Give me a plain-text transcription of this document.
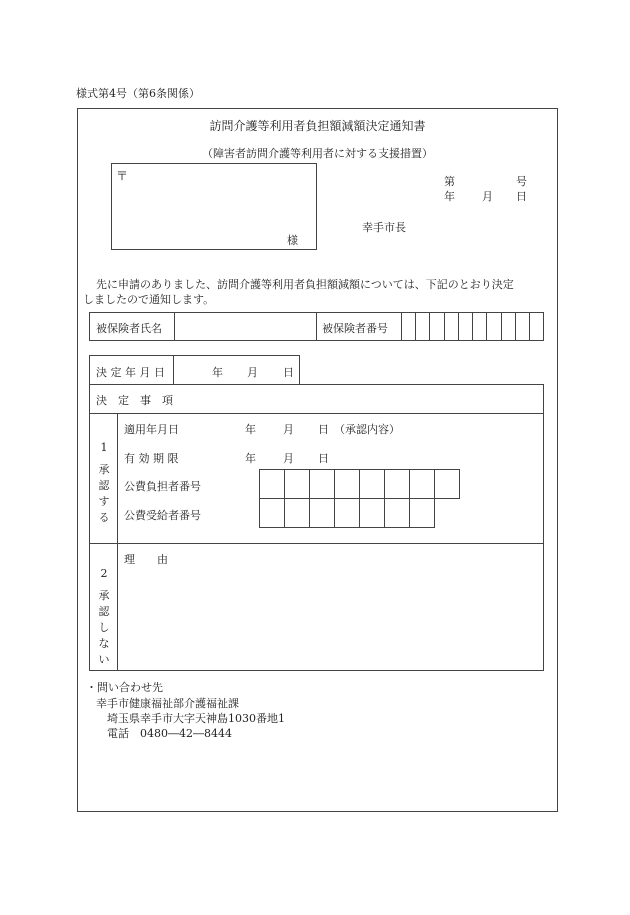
様式第4号（第6条関係）
訪問介護等利用者負担額減額決定通知書
（障害者訪問介護等利用者に対する支援措置）
〒
様
第	号
年 月 日
幸手市長
先に申請のありました、訪問介護等利用者負担額減額については、下記のとおり決定
しましたので通知します。
被保険者氏名	被保険者番号
決 定 年 月 日	年 月 日
決　定　事　項
1
承認する
適用年月日	年 月 日 （承認内容）
有 効 期 限	年 月 日
公費負担者番号

公費受給者番号

2
承認しない
理　　由
・問い合わせ先
幸手市健康福祉部介護福祉課
埼玉県幸手市大字天神島1030番地1
電話　0480―42―8444
